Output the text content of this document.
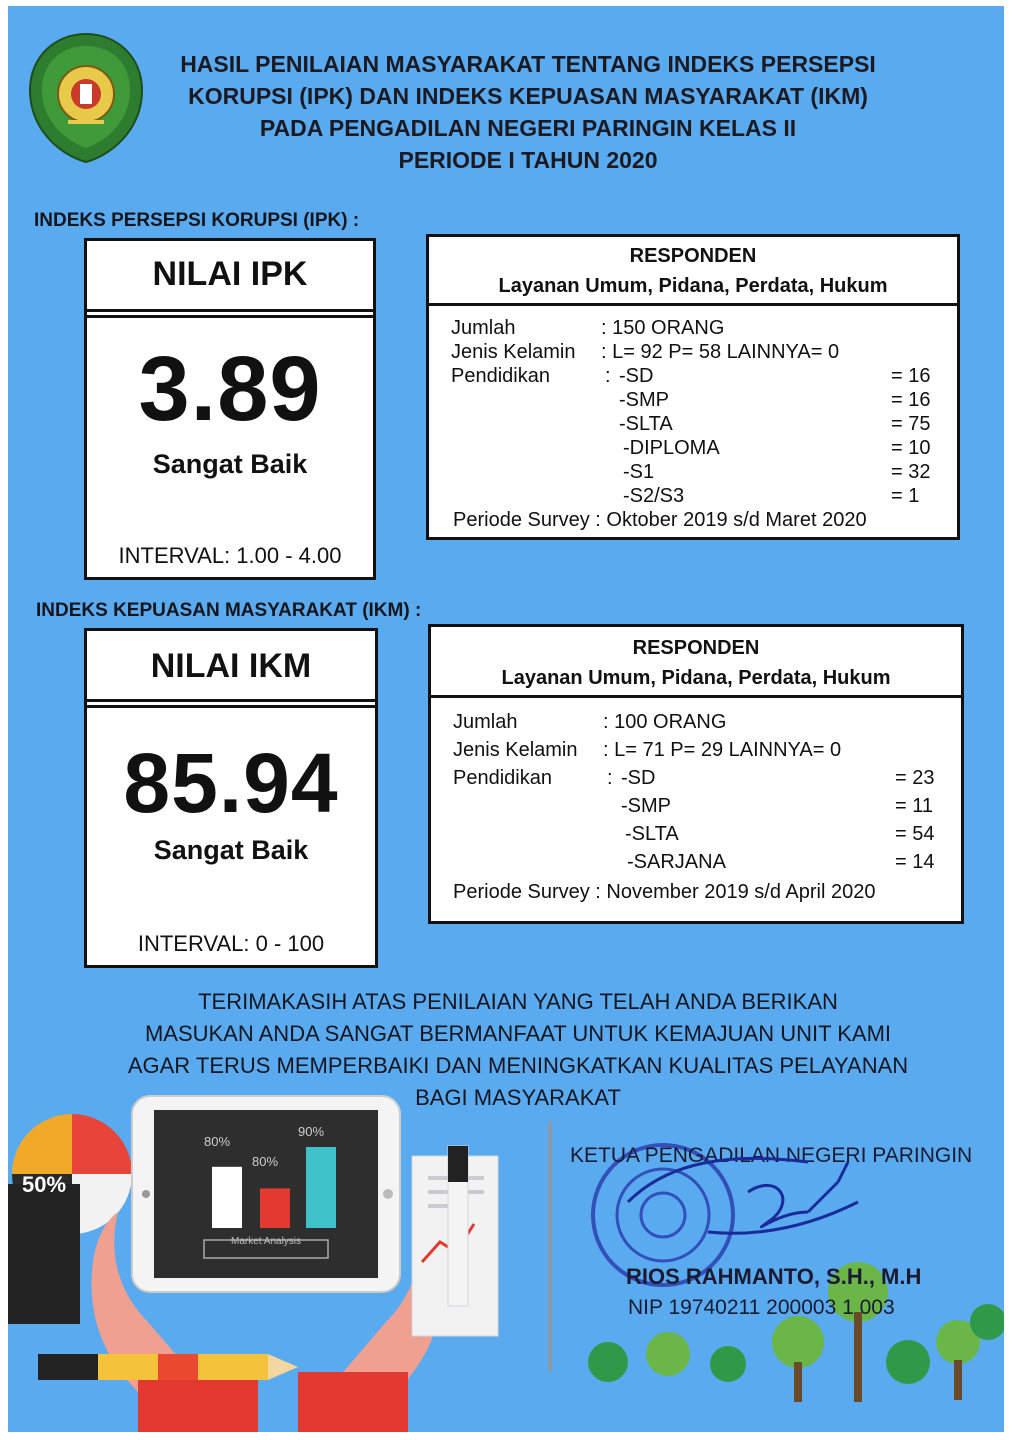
HASIL PENILAIAN MASYARAKAT TENTANG INDEKS PERSEPSI
KORUPSI (IPK) DAN INDEKS KEPUASAN MASYARAKAT (IKM)
PADA PENGADILAN NEGERI PARINGIN KELAS II
PERIODE I TAHUN 2020
INDEKS PERSEPSI KORUPSI (IPK) :
NILAI IPK
3.89
Sangat Baik
INTERVAL: 1.00 - 4.00
RESPONDEN
Layanan Umum, Pidana, Perdata, Hukum
Jumlah	: 150 ORANG
Jenis Kelamin : L= 92 P= 58 LAINNYA= 0
Pendidikan	: -SD	= 16
-SMP	= 16
-SLTA	= 75
-DIPLOMA	= 10
-S1	= 32
-S2/S3	= 1
Periode Survey : Oktober 2019 s/d Maret 2020
INDEKS KEPUASAN MASYARAKAT (IKM) :
NILAI IKM
85.94
Sangat Baik
INTERVAL: 0 - 100
RESPONDEN
Layanan Umum, Pidana, Perdata, Hukum
Jumlah	: 100 ORANG
Jenis Kelamin : L= 71 P= 29 LAINNYA= 0
Pendidikan	: -SD	= 23
-SMP	= 11
-SLTA	= 54
-SARJANA	= 14
Periode Survey : November 2019 s/d April 2020
TERIMAKASIH ATAS PENILAIAN YANG TELAH ANDA BERIKAN
MASUKAN ANDA SANGAT BERMANFAAT UNTUK KEMAJUAN UNIT KAMI
AGAR TERUS MEMPERBAIKI DAN MENINGKATKAN KUALITAS PELAYANAN
BAGI MASYARAKAT
50%
80%
80%
90%
Market Analysis
KETUA PENGADILAN NEGERI PARINGIN
RIOS RAHMANTO, S.H., M.H
NIP 19740211 200003 1 003
